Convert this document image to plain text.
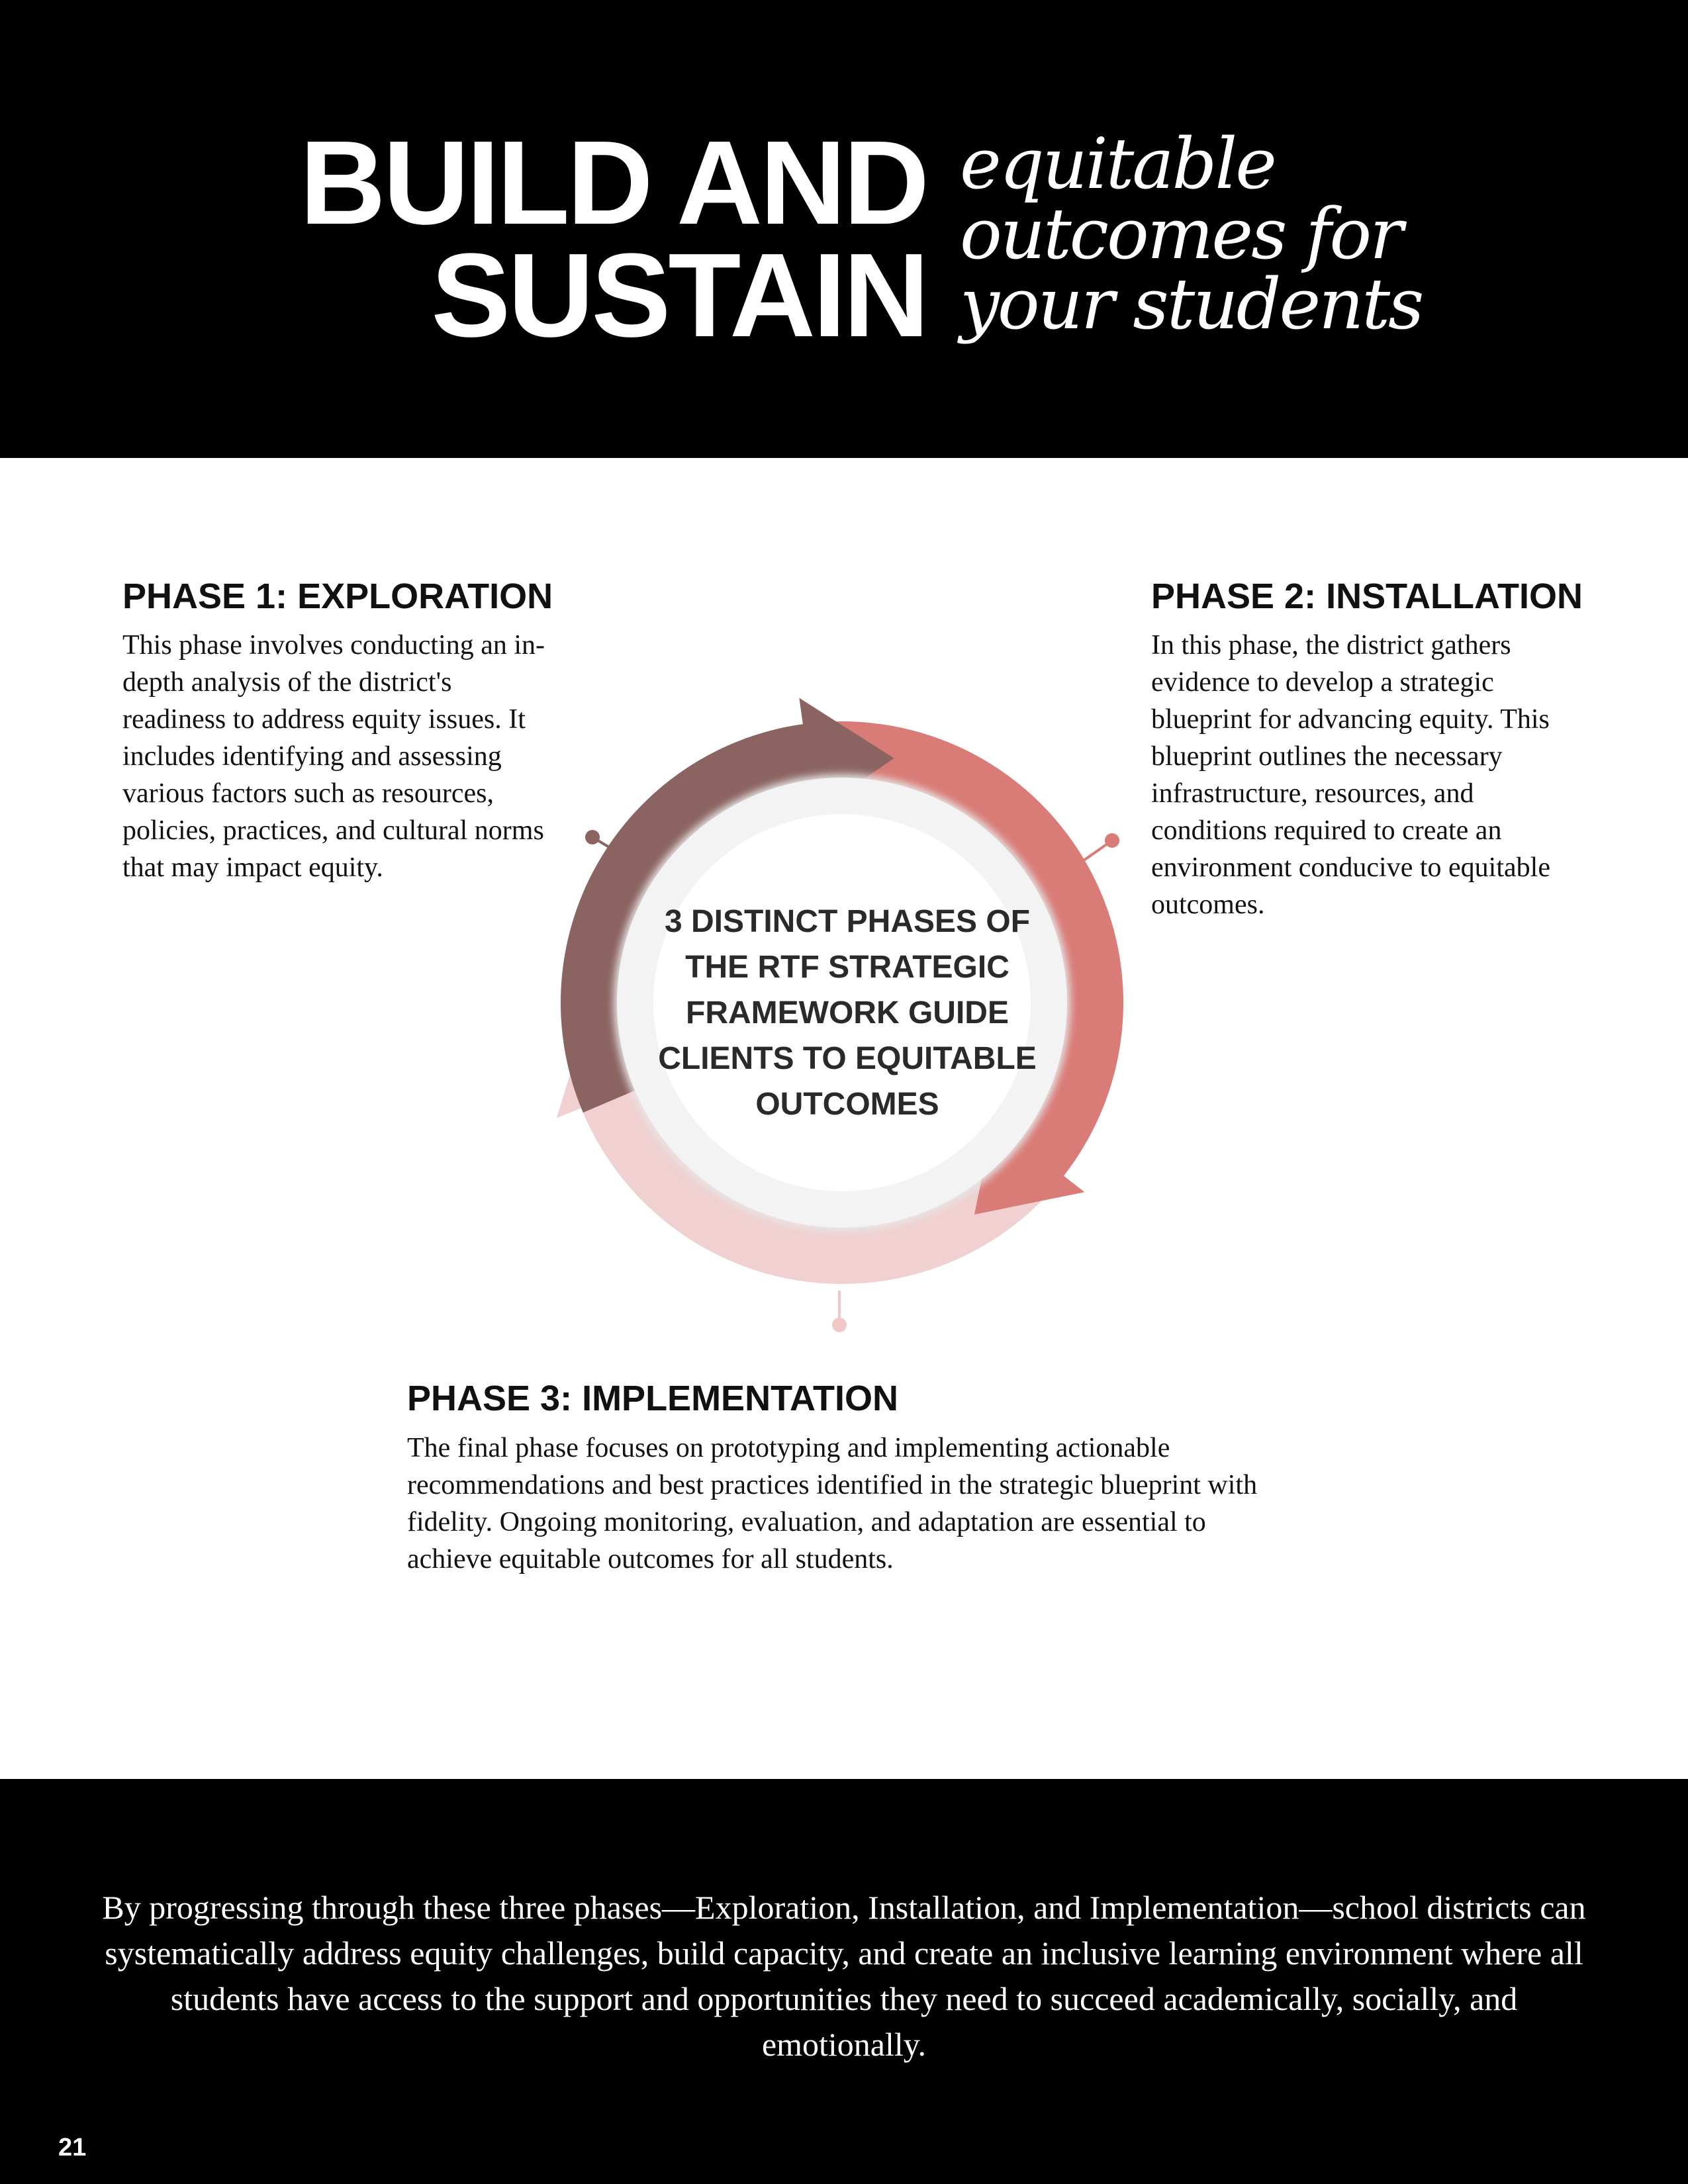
BUILD AND
SUSTAIN
equitable
outcomes for
your students
PHASE 1: EXPLORATION

This phase involves conducting an in-depth analysis of the district's readiness to address equity issues. It includes identifying and assessing various factors such as resources, policies, practices, and cultural norms that may impact equity.

PHASE 2: INSTALLATION

In this phase, the district gathers evidence to develop a strategic blueprint for advancing equity. This blueprint outlines the necessary infrastructure, resources, and conditions required to create an environment conducive to equitable outcomes.

3 DISTINCT PHASES OF
THE RTF STRATEGIC
FRAMEWORK GUIDE
CLIENTS TO EQUITABLE
OUTCOMES
PHASE 3: IMPLEMENTATION

The final phase focuses on prototyping and implementing actionable recommendations and best practices identified in the strategic blueprint with fidelity. Ongoing monitoring, evaluation, and adaptation are essential to achieve equitable outcomes for all students.

By progressing through these three phases—Exploration, Installation, and Implementation—school districts can systematically address equity challenges, build capacity, and create an inclusive learning environment where all students have access to the support and opportunities they need to succeed academically, socially, and emotionally.

21
